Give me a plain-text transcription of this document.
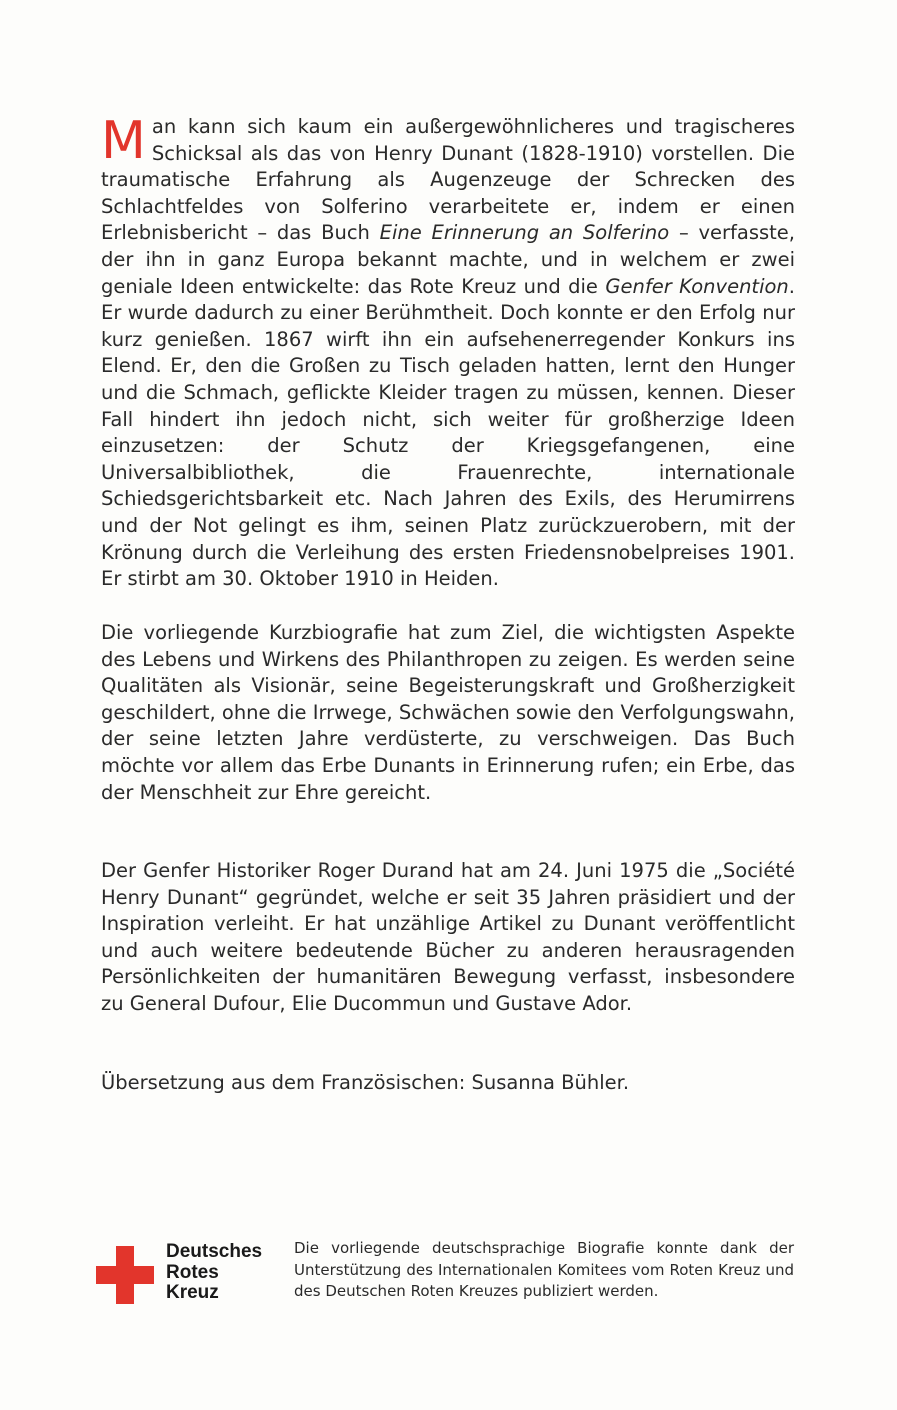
Man kann sich kaum ein außergewöhnlicheres und tragischeres Schicksal als das von Henry Dunant (1828-1910) vorstellen. Die traumatische Erfahrung als Augenzeuge der Schrecken des Schlachtfeldes von Solferino verarbeitete er, indem er einen Erlebnisbericht – das Buch Eine Erinnerung an Solferino – verfasste, der ihn in ganz Europa bekannt machte, und in welchem er zwei geniale Ideen entwickelte: das Rote Kreuz und die Genfer Konvention. Er wurde dadurch zu einer Berühmtheit. Doch konnte er den Erfolg nur kurz genießen. 1867 wirft ihn ein aufsehenerregender Konkurs ins Elend. Er, den die Großen zu Tisch geladen hatten, lernt den Hunger und die Schmach, geflickte Kleider tragen zu müssen, kennen. Dieser Fall hindert ihn jedoch nicht, sich weiter für großherzige Ideen einzusetzen: der Schutz der Kriegsgefangenen, eine Universalbibliothek, die Frauenrechte, internationale Schiedsgerichtsbarkeit etc. Nach Jahren des Exils, des Herumirrens und der Not gelingt es ihm, seinen Platz zurückzuerobern, mit der Krönung durch die Verleihung des ersten Friedensnobelpreises 1901. Er stirbt am 30. Oktober 1910 in Heiden.

Die vorliegende Kurzbiografie hat zum Ziel, die wichtigsten Aspekte des Lebens und Wirkens des Philanthropen zu zeigen. Es werden seine Qualitäten als Visionär, seine Begeisterungskraft und Großherzigkeit geschildert, ohne die Irrwege, Schwächen sowie den Verfolgungswahn, der seine letzten Jahre verdüsterte, zu verschweigen. Das Buch möchte vor allem das Erbe Dunants in Erinnerung rufen; ein Erbe, das der Menschheit zur Ehre gereicht.

Der Genfer Historiker Roger Durand hat am 24. Juni 1975 die „Société Henry Dunant“ gegründet, welche er seit 35 Jahren präsidiert und der Inspiration verleiht. Er hat unzählige Artikel zu Dunant veröffentlicht und auch weitere bedeutende Bücher zu anderen herausragenden Persönlichkeiten der humanitären Bewegung verfasst, insbesondere zu General Dufour, Elie Ducommun und Gustave Ador.

Übersetzung aus dem Französischen: Susanna Bühler.

Deutsches
Rotes
Kreuz
Die vorliegende deutschsprachige Biografie konnte dank der Unterstützung des Internationalen Komitees vom Roten Kreuz und des Deutschen Roten Kreuzes publiziert werden.
